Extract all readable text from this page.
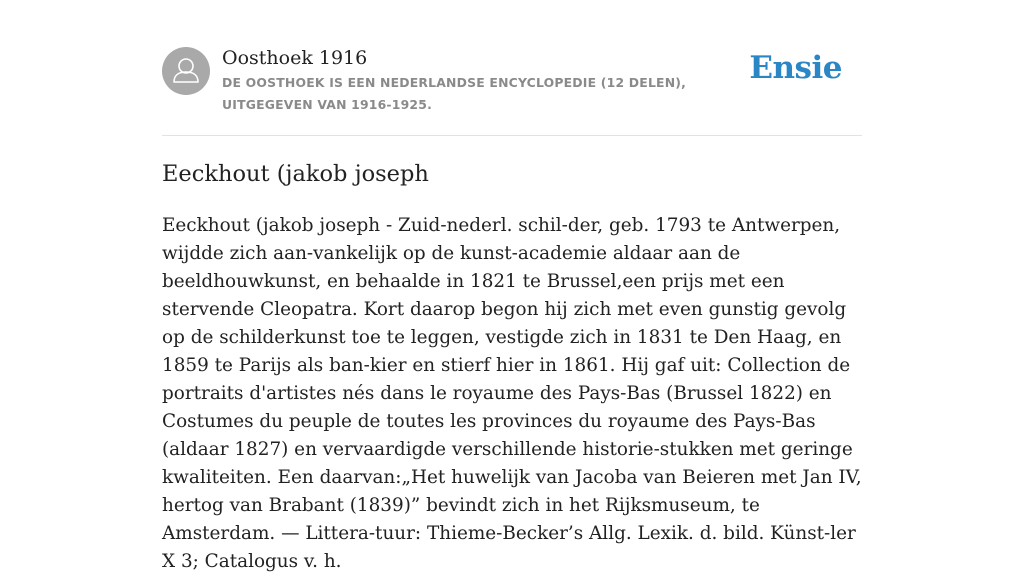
Oosthoek 1916
DE OOSTHOEK IS EEN NEDERLANDSE ENCYCLOPEDIE (12 DELEN), UITGEGEVEN VAN 1916-1925.
Ensie
Eeckhout (jakob joseph

Eeckhout (jakob joseph - Zuid-nederl. schil-der, geb. 1793 te Antwerpen, wijdde zich aan-vankelijk op de kunst-academie aldaar aan de beeldhouwkunst, en behaalde in 1821 te Brussel,een prijs met een stervende Cleopatra. Kort daarop begon hij zich met even gunstig gevolg op de schilderkunst toe te leggen, vestigde zich in 1831 te Den Haag, en 1859 te Parijs als ban-kier en stierf hier in 1861. Hij gaf uit: Collection de portraits d'artistes nés dans le royaume des Pays-Bas (Brussel 1822) en Costumes du peuple de toutes les provinces du royaume des Pays-Bas (aldaar 1827) en vervaardigde verschillende historie-stukken met geringe kwaliteiten. Een daarvan:„Het huwelijk van Jacoba van Beieren met Jan IV, hertog van Brabant (1839)” bevindt zich in het Rijksmuseum, te Amsterdam. — Littera-tuur: Thieme-Becker’s Allg. Lexik. d. bild. Künst-ler X 3; Catalogus v. h.
